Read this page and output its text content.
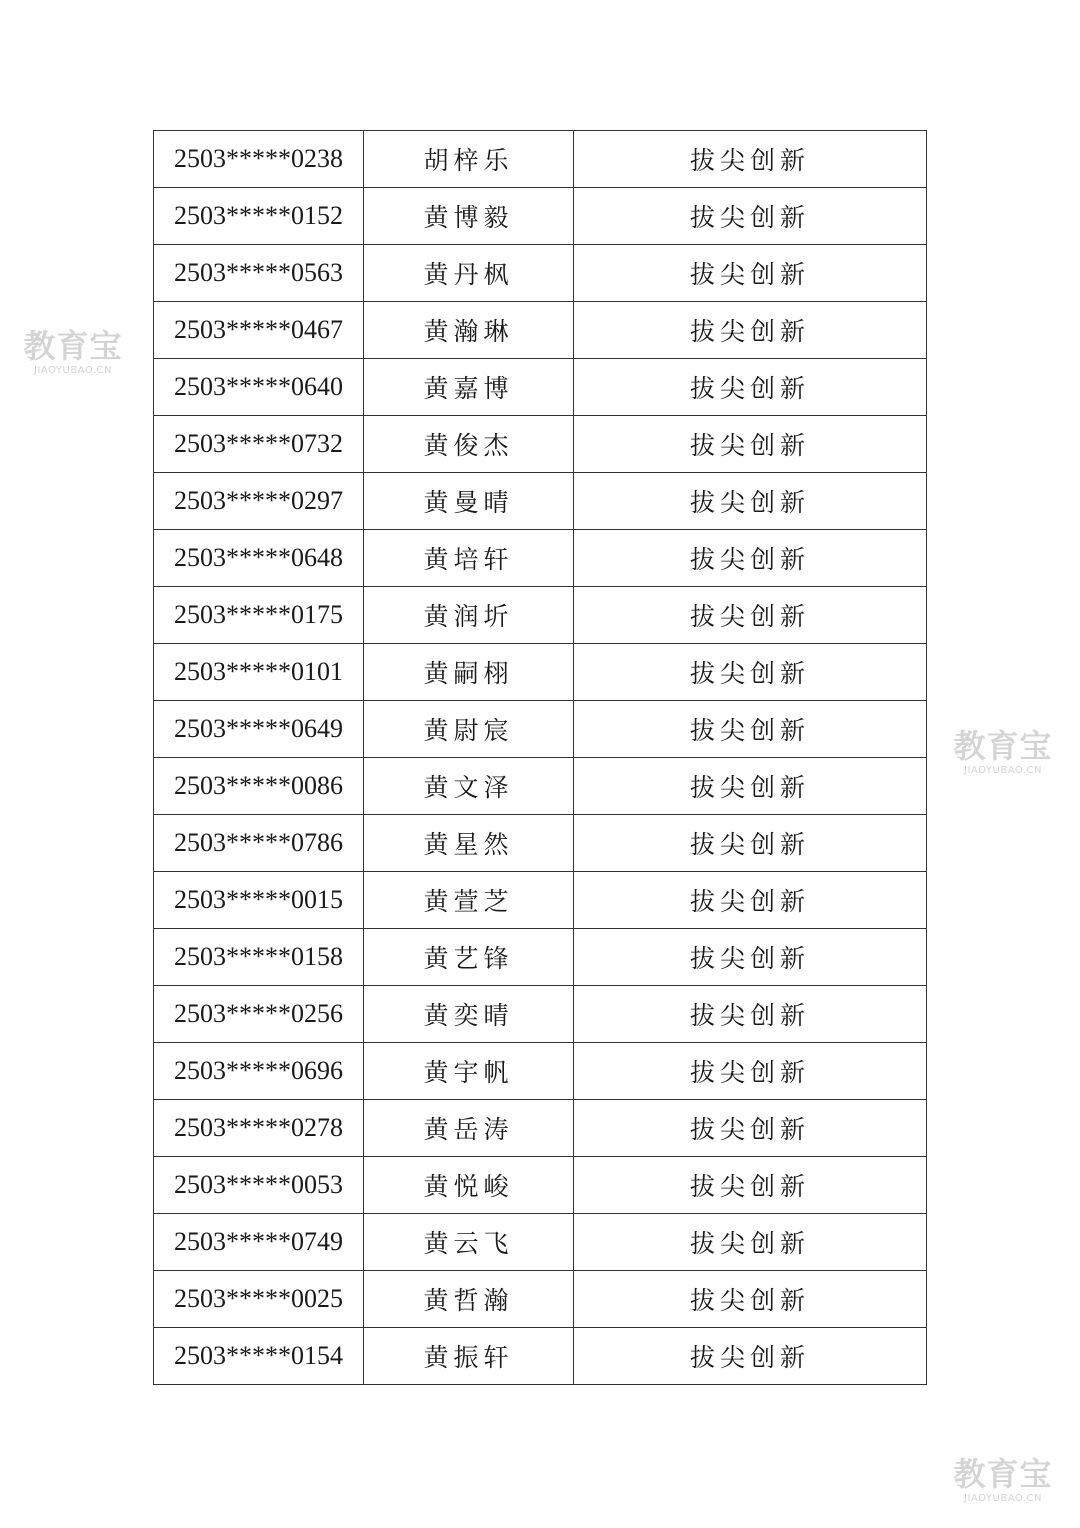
2503*****0238	胡梓乐	拔尖创新
2503*****0152	黄博毅	拔尖创新
2503*****0563	黄丹枫	拔尖创新
2503*****0467	黄瀚琳	拔尖创新
2503*****0640	黄嘉博	拔尖创新
2503*****0732	黄俊杰	拔尖创新
2503*****0297	黄曼晴	拔尖创新
2503*****0648	黄培轩	拔尖创新
2503*****0175	黄润圻	拔尖创新
2503*****0101	黄嗣栩	拔尖创新
2503*****0649	黄尉宸	拔尖创新
2503*****0086	黄文泽	拔尖创新
2503*****0786	黄星然	拔尖创新
2503*****0015	黄萱芝	拔尖创新
2503*****0158	黄艺锋	拔尖创新
2503*****0256	黄奕晴	拔尖创新
2503*****0696	黄宇帆	拔尖创新
2503*****0278	黄岳涛	拔尖创新
2503*****0053	黄悦峻	拔尖创新
2503*****0749	黄云飞	拔尖创新
2503*****0025	黄哲瀚	拔尖创新
2503*****0154	黄振轩	拔尖创新
教育宝
JIAOYUBAO.CN
教育宝
JIAOYUBAO.CN
教育宝
JIAOYUBAO.CN
